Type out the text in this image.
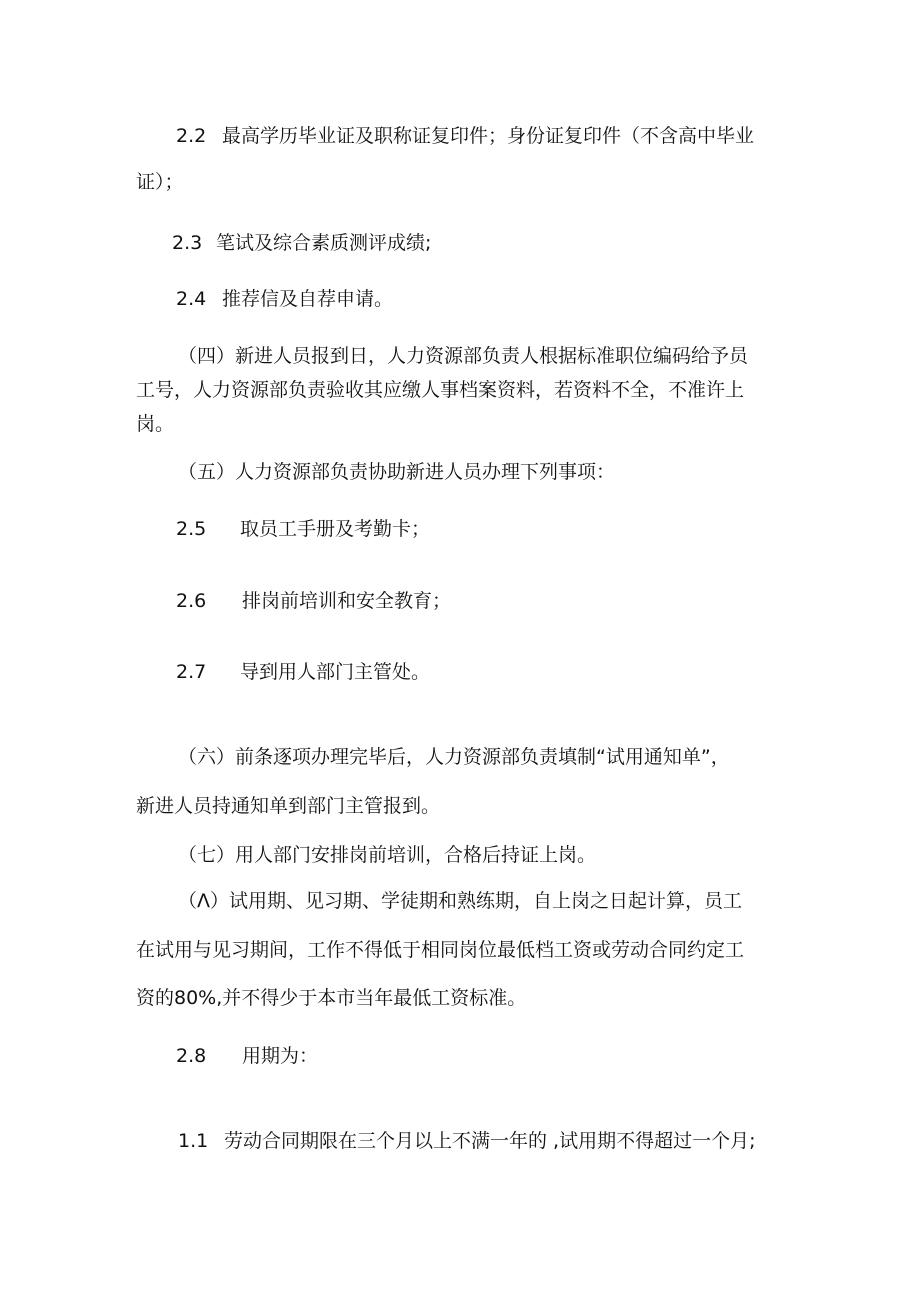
2.2 最高学历毕业证及职称证复印件；身份证复印件（不含高中毕业
证）；
2.3 笔试及综合素质测评成绩;
2.4 推荐信及自荐申请。
（四）新进人员报到日，人力资源部负责人根据标准职位编码给予员
工号，人力资源部负责验收其应缴人事档案资料，若资料不全，不准许上
岗。
（五）人力资源部负责协助新进人员办理下列事项：
2.5 取员工手册及考勤卡；
2.6 排岗前培训和安全教育；
2.7 导到用人部门主管处。
（六）前条逐项办理完毕后，人力资源部负责填制“试用通知单”，
新进人员持通知单到部门主管报到。
（七）用人部门安排岗前培训，合格后持证上岗。
（Λ）试用期、见习期、学徒期和熟练期，自上岗之日起计算，员工
在试用与见习期间，工作不得低于相同岗位最低档工资或劳动合同约定工
资的80%,并不得少于本市当年最低工资标准。
2.8 用期为：
1.1 劳动合同期限在三个月以上不满一年的 ,试用期不得超过一个月;
